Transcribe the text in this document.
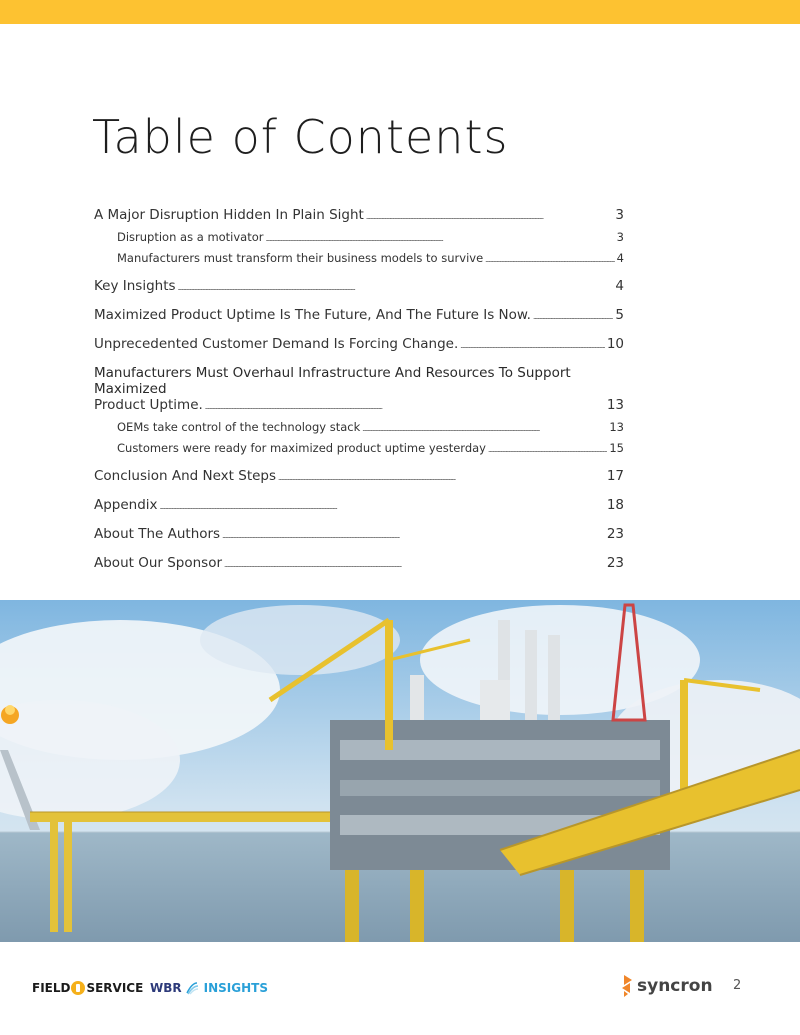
Table of Contents
A Major Disruption Hidden In Plain Sight . . .	3
Disruption as a motivator . . .	3
Manufacturers must transform their business models to survive . . .	4
Key Insights . . .	4
Maximized Product Uptime Is The Future, And The Future Is Now. . . .	5
Unprecedented Customer Demand Is Forcing Change. . . .	10
Manufacturers Must Overhaul Infrastructure And Resources To Support Maximized
Product Uptime. . . .	13
OEMs take control of the technology stack . . .	13
Customers were ready for maximized product uptime yesterday . . .	15
Conclusion And Next Steps . . .	17
Appendix . . .	18
About The Authors . . .	23
About Our Sponsor . . .	23
FIELD SERVICE WBR INSIGHTS	syncron 2
